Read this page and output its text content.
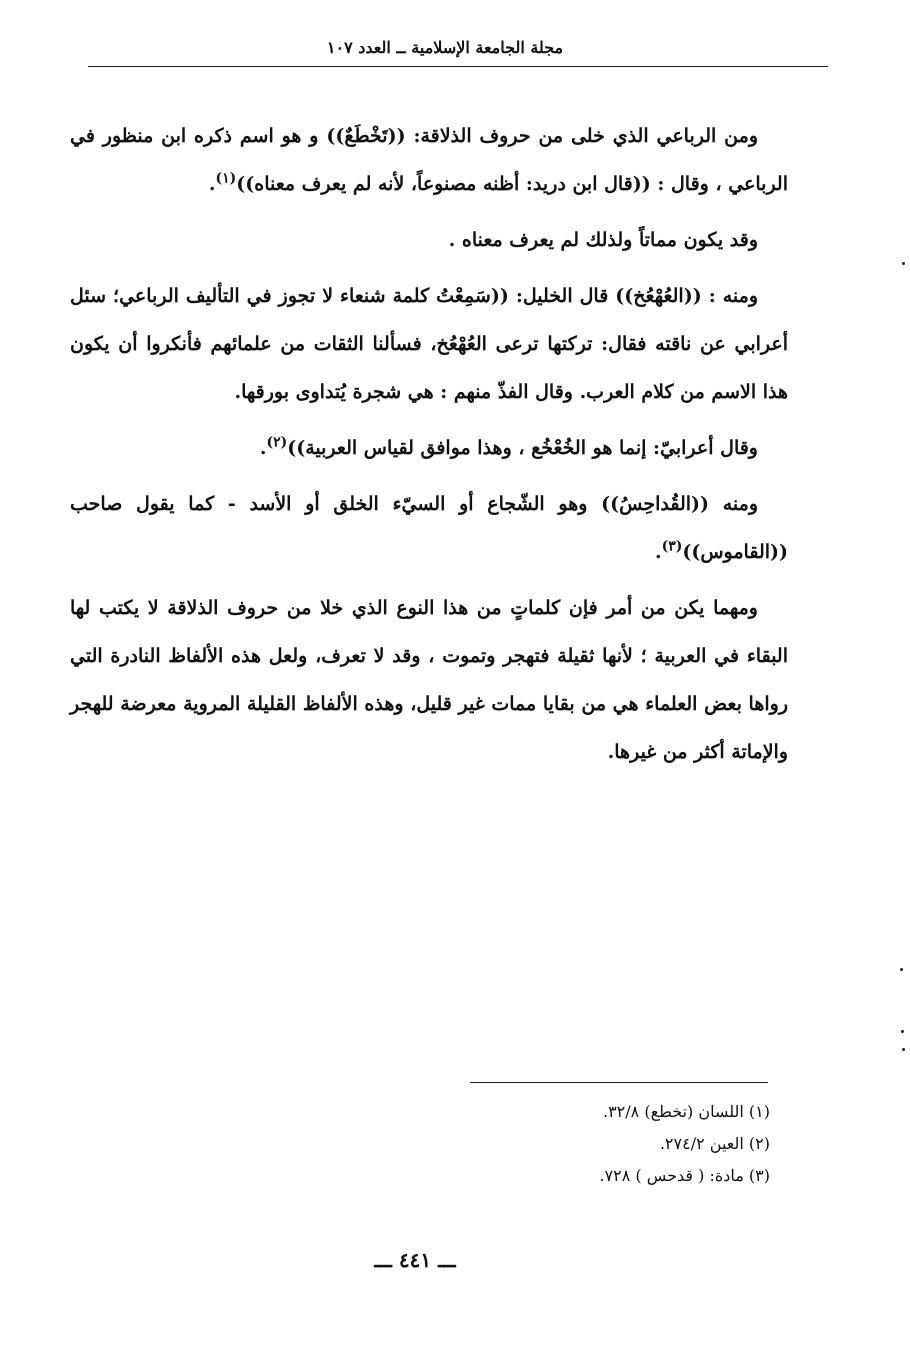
مجلة الجامعة الإسلامية ــ العدد ١٠٧

ومن الرباعي الذي خلى من حروف الذلاقة: ((تَخْطَعٌ)) و هو اسم ذكره ابن منظور في الرباعي ، وقال : ((قال ابن دريد: أظنه مصنوعاً، لأنه لم يعرف معناه))$^{(١)}$.

وقد يكون مماتاً ولذلك لم يعرف معناه .

ومنه : ((العُهْعُخ)) قال الخليل: ((سَمِعْتُ كلمة شنعاء لا تجوز في التأليف الرباعي؛ سئل أعرابي عن ناقته فقال: تركتها ترعى العُهْعُخ، فسألنا الثقات من علمائهم فأنكروا أن يكون هذا الاسم من كلام العرب. وقال الفذّ منهم : هي شجرة يُتداوى بورقها.

وقال أعرابيّ: إنما هو الخُعْخُع ، وهذا موافق لقياس العربية))$^{(٢)}$.

ومنه ((القُداحِسُ)) وهو الشّجاع أو السيّء الخلق أو الأسد - كما يقول صاحب ((القاموس))$^{(٣)}$.

ومهما يكن من أمر فإن كلماتٍ من هذا النوع الذي خلا من حروف الذلاقة لا يكتب لها البقاء في العربية ؛ لأنها ثقيلة فتهجر وتموت ، وقد لا تعرف، ولعل هذه الألفاظ النادرة التي رواها بعض العلماء هي من بقايا ممات غير قليل، وهذه الألفاظ القليلة المروية معرضة للهجر والإماتة أكثر من غيرها.

(١) اللسان (تخطع) ٣٢/٨.
(٢) العين ٢٧٤/٢.
(٣) مادة: ( قدحس ) ٧٢٨.
ـــ ٤٤١ ـــ
